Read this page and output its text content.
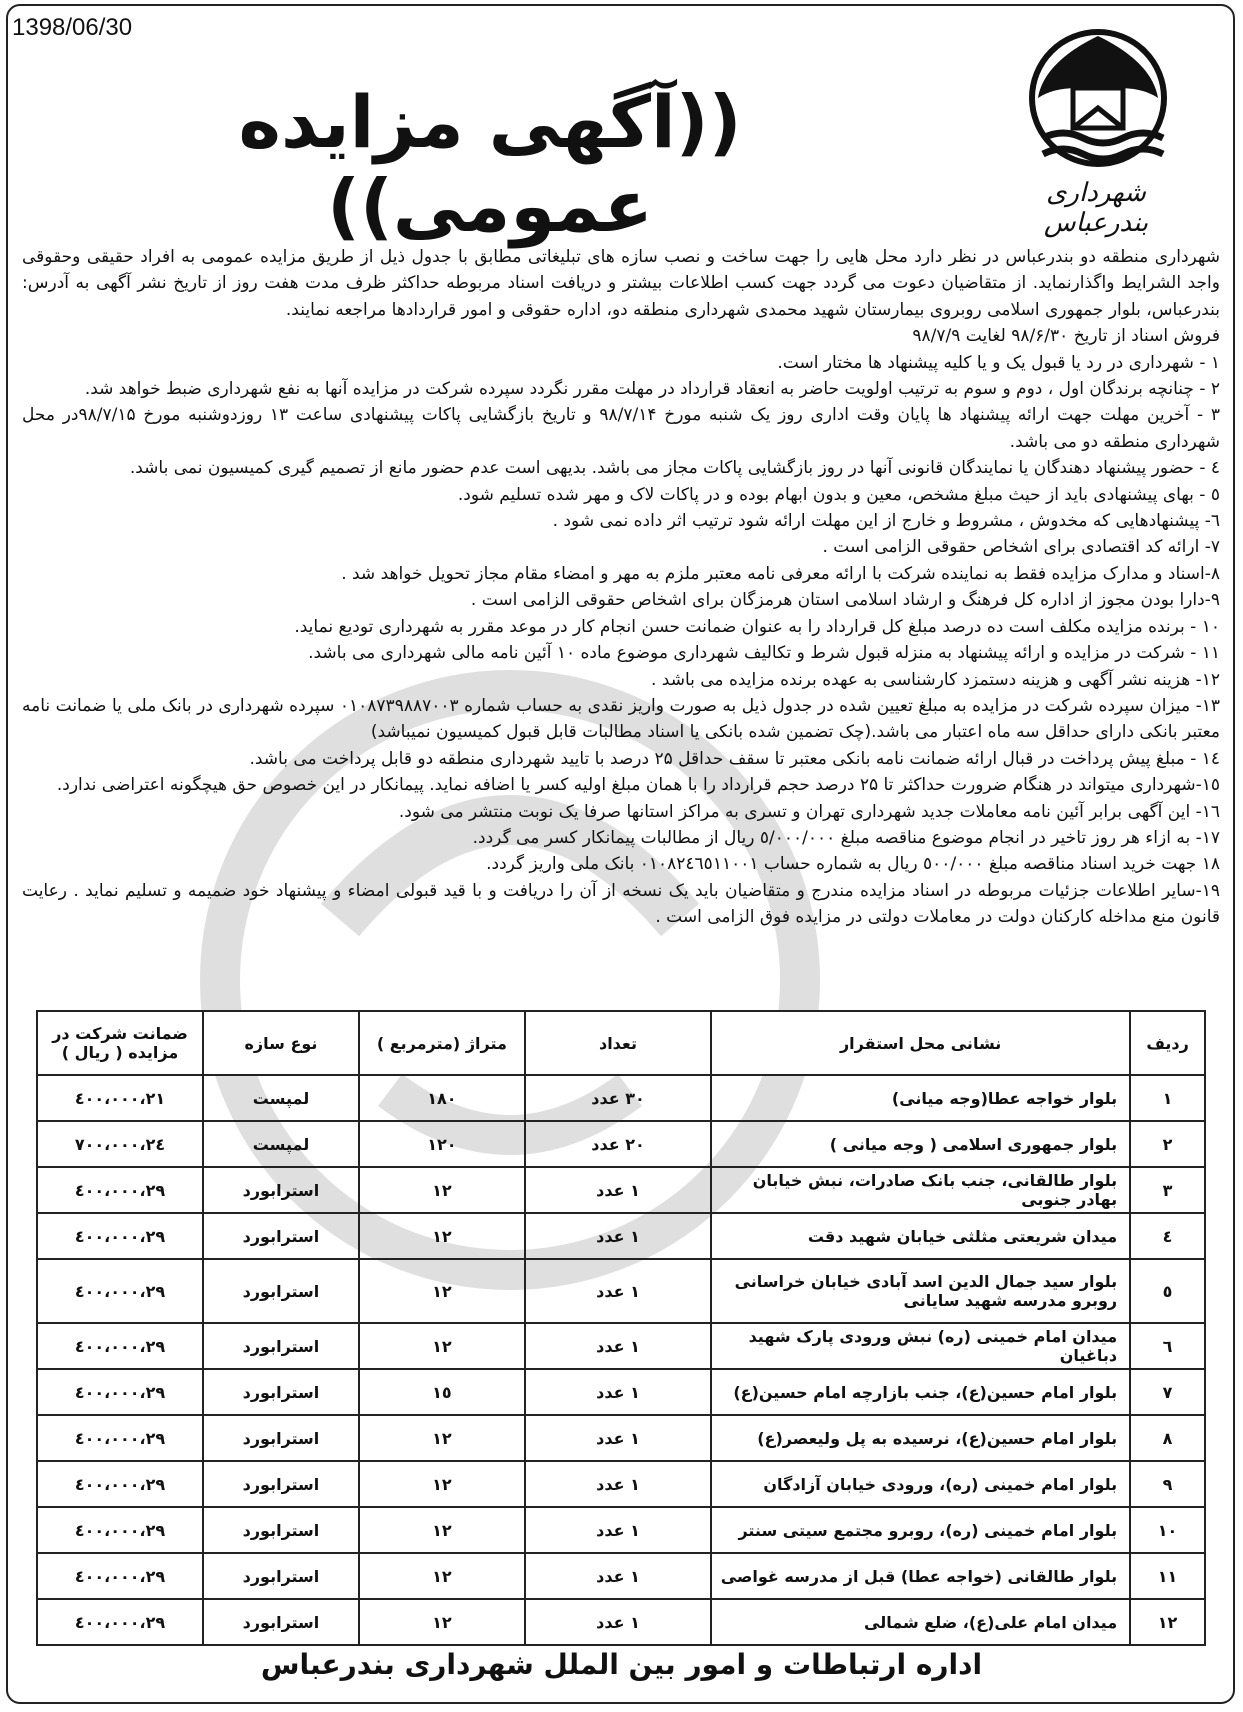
1398/06/30
((آگهی مزایده عمومی))	شهرداری بندرعباس

شهرداری منطقه دو بندرعباس در نظر دارد محل هایی را جهت ساخت و نصب سازه های تبلیغاتی مطابق با جدول ذیل از طریق مزایده عمومی به افراد حقیقی وحقوقی واجد الشرایط واگذارنماید. از متقاضیان دعوت می گردد جهت کسب اطلاعات بیشتر و دریافت اسناد مربوطه حداکثر ظرف مدت هفت روز از تاریخ نشر آگهی به آدرس: بندرعباس، بلوار جمهوری اسلامی روبروی بیمارستان شهید محمدی شهرداری منطقه دو، اداره حقوقی و امور قراردادها مراجعه نمایند.

فروش اسناد از تاریخ ۹۸/۶/۳۰ لغایت ۹۸/۷/۹

۱ - شهرداری در رد یا قبول یک و یا کلیه پیشنهاد ها مختار است.

۲ - چنانچه برندگان اول ، دوم و سوم به ترتیب اولویت حاضر به انعقاد قرارداد در مهلت مقرر نگردد سپرده شرکت در مزایده آنها به نفع شهرداری ضبط خواهد شد.

۳ - آخرین مهلت جهت ارائه پیشنهاد ها پایان وقت اداری روز یک شنبه مورخ ۹۸/۷/۱۴ و تاریخ بازگشایی پاکات پیشنهادی ساعت ۱۳ روزدوشنبه مورخ ۹۸/۷/۱۵در محل شهرداری منطقه دو می باشد.

٤ - حضور پیشنهاد دهندگان یا نمایندگان قانونی آنها در روز بازگشایی پاکات مجاز می باشد. بدیهی است عدم حضور مانع از تصمیم گیری کمیسیون نمی باشد.

٥ - بهای پیشنهادی باید از حیث مبلغ مشخص، معین و بدون ابهام بوده و در پاکات لاک و مهر شده تسلیم شود.

٦- پیشنهادهایی که مخدوش ، مشروط و خارج از این مهلت ارائه شود ترتیب اثر داده نمی شود .

٧- ارائه کد اقتصادی برای اشخاص حقوقی الزامی است .

٨-اسناد و مدارک مزایده فقط به نماینده شرکت با ارائه معرفی نامه معتبر ملزم به مهر و امضاء مقام مجاز تحویل خواهد شد .

٩-دارا بودن مجوز از اداره کل فرهنگ و ارشاد اسلامی استان هرمزگان برای اشخاص حقوقی الزامی است .

۱۰ - برنده مزایده مکلف است ده درصد مبلغ کل قرارداد را به عنوان ضمانت حسن انجام کار در موعد مقرر به شهرداری تودیع نماید.

۱۱ - شرکت در مزایده و ارائه پیشنهاد به منزله قبول شرط و تکالیف شهرداری موضوع ماده ۱۰ آئین نامه مالی شهرداری می باشد.

۱۲- هزینه نشر آگهی و هزینه دستمزد کارشناسی به عهده برنده مزایده می باشد .

۱۳- میزان سپرده شرکت در مزایده به مبلغ تعیین شده در جدول ذیل به صورت واریز نقدی به حساب شماره ۰۱۰۸۷۳۹۸۸۷۰۰۳ سپرده شهرداری در بانک ملی یا ضمانت نامه معتبر بانکی دارای حداقل سه ماه اعتبار می باشد.(چک تضمین شده بانکی یا اسناد مطالبات قابل قبول کمیسیون نمیباشد)

۱٤ - مبلغ پیش پرداخت در قبال ارائه ضمانت نامه بانکی معتبر تا سقف حداقل ۲۵ درصد با تایید شهرداری منطقه دو قابل پرداخت می باشد.

۱٥-شهرداری میتواند در هنگام ضرورت حداکثر تا ۲۵ درصد حجم قرارداد را با همان مبلغ اولیه کسر یا اضافه نماید. پیمانکار در این خصوص حق هیچگونه اعتراضی ندارد.

۱٦- این آگهی برابر آئین نامه معاملات جدید شهرداری تهران و تسری به مراکز استانها صرفا یک نوبت منتشر می شود.

۱۷- به ازاء هر روز تاخیر در انجام موضوع مناقصه مبلغ ٥/۰۰۰/۰۰۰ ریال از مطالبات پیمانکار کسر می گردد.

۱۸ جهت خرید اسناد مناقصه مبلغ ٥۰۰/۰۰۰ ریال به شماره حساب ۰۱۰۸۲٤٦٥۱۱۰۰۱ بانک ملی واریز گردد.

۱۹-سایر اطلاعات جزئیات مربوطه در اسناد مزایده مندرج و متقاضیان باید یک نسخه از آن را دریافت و با قید قبولی امضاء و پیشنهاد خود ضمیمه و تسلیم نماید . رعایت قانون منع مداخله کارکنان دولت در معاملات دولتی در مزایده فوق الزامی است .

ردیف	نشانی محل استقرار	تعداد	متراژ (مترمربع )	نوع سازه	ضمانت شرکت در مزایده ( ریال )
۱	بلوار خواجه عطا(وجه میانی)	۳۰ عدد	۱۸۰	لمپست	۲۱،٤۰۰،۰۰۰
۲	بلوار جمهوری اسلامی ( وجه میانی )	۲۰ عدد	۱۲۰	لمپست	۲٤،۷۰۰،۰۰۰
۳	بلوار طالقانی، جنب بانک صادرات، نبش خیابان بهادر جنوبی	۱ عدد	۱۲	استرابورد	۲۹،٤۰۰،۰۰۰
٤	میدان شریعتی مثلثی خیابان شهید دقت	۱ عدد	۱۲	استرابورد	۲۹،٤۰۰،۰۰۰
٥	بلوار سید جمال الدین اسد آبادی خیابان خراسانی روبرو مدرسه شهید سایانی	۱ عدد	۱۲	استرابورد	۲۹،٤۰۰،۰۰۰
٦	میدان امام خمینی (ره) نبش ورودی پارک شهید دباغیان	۱ عدد	۱۲	استرابورد	۲۹،٤۰۰،۰۰۰
۷	بلوار امام حسین(ع)، جنب بازارچه امام حسین(ع)	۱ عدد	۱٥	استرابورد	۲۹،٤۰۰،۰۰۰
۸	بلوار امام حسین(ع)، نرسیده به پل ولیعصر(ع)	۱ عدد	۱۲	استرابورد	۲۹،٤۰۰،۰۰۰
۹	بلوار امام خمینی (ره)، ورودی خیابان آزادگان	۱ عدد	۱۲	استرابورد	۲۹،٤۰۰،۰۰۰
۱۰	بلوار امام خمینی (ره)، روبرو مجتمع سیتی سنتر	۱ عدد	۱۲	استرابورد	۲۹،٤۰۰،۰۰۰
۱۱	بلوار طالقانی (خواجه عطا) قبل از مدرسه غواصی	۱ عدد	۱۲	استرابورد	۲۹،٤۰۰،۰۰۰
۱۲	میدان امام علی(ع)، ضلع شمالی	۱ عدد	۱۲	استرابورد	۲۹،٤۰۰،۰۰۰
اداره ارتباطات و امور بین الملل شهرداری بندرعباس
